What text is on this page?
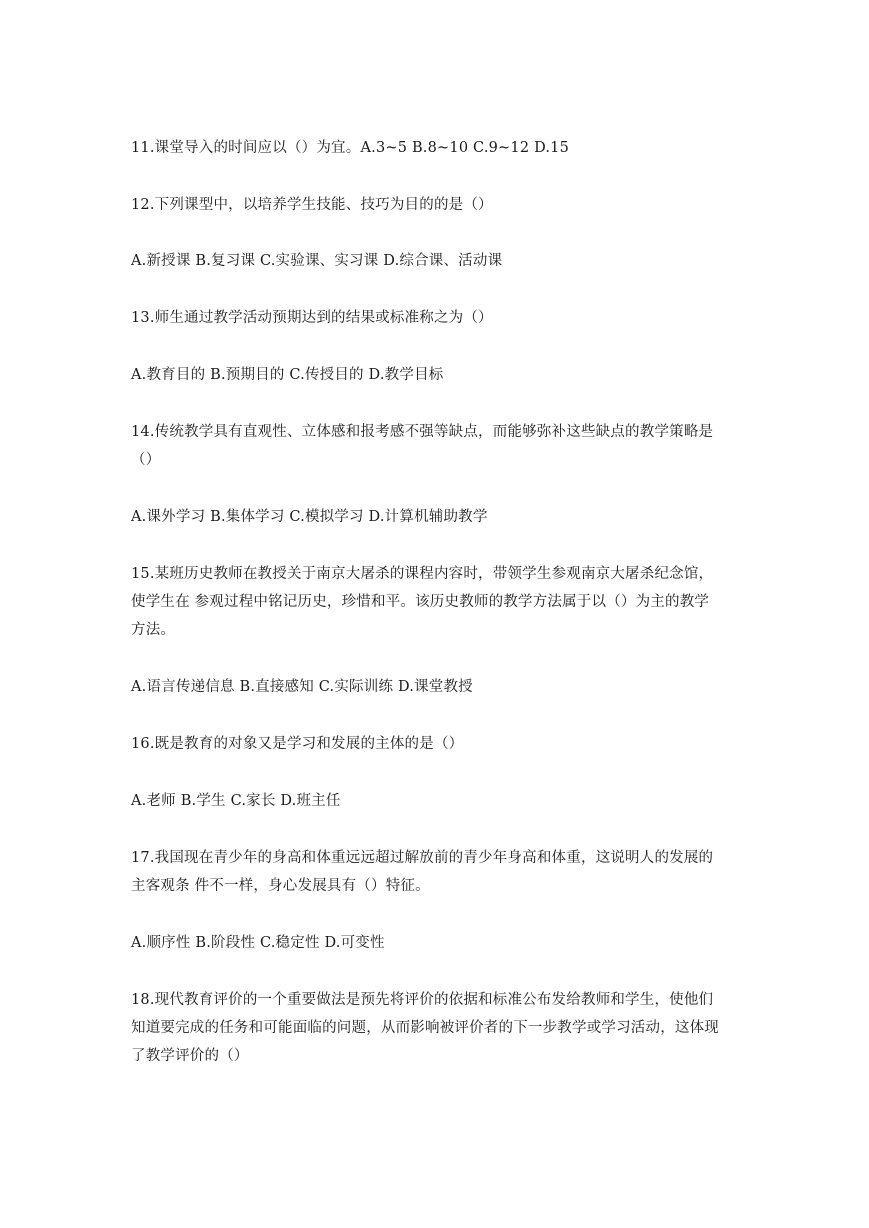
11.课堂导入的时间应以（）为宜。A.3~5 B.8~10 C.9~12 D.15
12.下列课型中，以培养学生技能、技巧为目的的是（）
A.新授课 B.复习课 C.实验课、实习课 D.综合课、活动课
13.师生通过教学活动预期达到的结果或标准称之为（）
A.教育目的 B.预期目的 C.传授目的 D.教学目标
14.传统教学具有直观性、立体感和报考感不强等缺点，而能够弥补这些缺点的教学策略是
（）
A.课外学习 B.集体学习 C.模拟学习 D.计算机辅助教学
15.某班历史教师在教授关于南京大屠杀的课程内容时，带领学生参观南京大屠杀纪念馆，
使学生在 参观过程中铭记历史，珍惜和平。该历史教师的教学方法属于以（）为主的教学
方法。
A.语言传递信息 B.直接感知 C.实际训练 D.课堂教授
16.既是教育的对象又是学习和发展的主体的是（）
A.老师 B.学生 C.家长 D.班主任
17.我国现在青少年的身高和体重远远超过解放前的青少年身高和体重，这说明人的发展的
主客观条 件不一样，身心发展具有（）特征。
A.顺序性 B.阶段性 C.稳定性 D.可变性
18.现代教育评价的一个重要做法是预先将评价的依据和标准公布发给教师和学生，使他们
知道要完成的任务和可能面临的问题，从而影响被评价者的下一步教学或学习活动，这体现
了教学评价的（）
